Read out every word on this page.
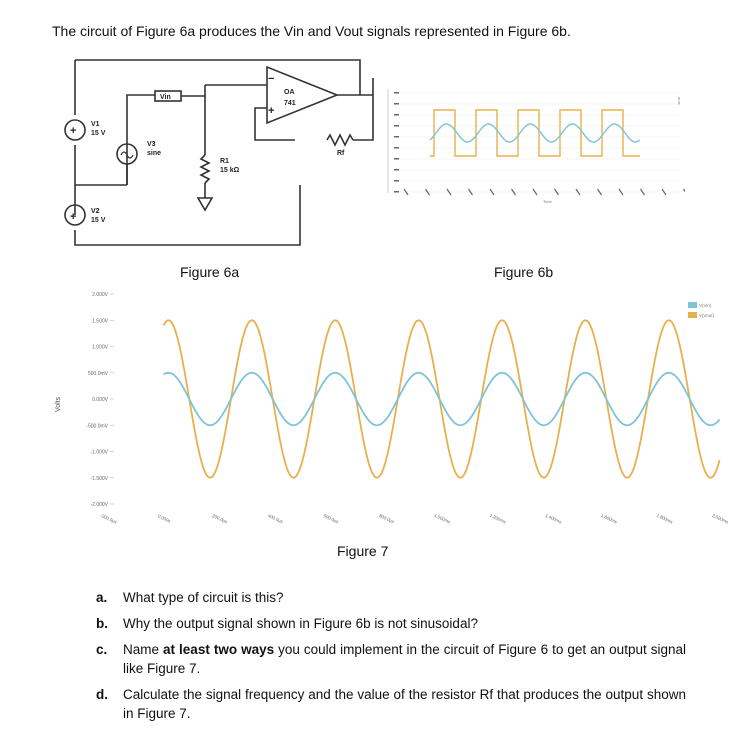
The circuit of Figure 6a produces the Vin and Vout signals represented in Figure 6b.
+
+
−
+
Vin
OA
741
V1
15 V
V2
15 V
V3
sine
R1
15 kΩ
Rf
Figure 6a
Time
¦
Figure 6b
2.000V
1.500V
1.000V
500.0mV
0.000V
-500.0mV
-1.000V
-1.500V
-2.000V
-200.0µs	0.000s	200.0µs	400.0µs	600.0µs	800.0µs	1.000ms	1.200ms	1.400ms	1.600ms	1.800ms	2.000ms
Volts
V(Vin)
V(Vout)
Figure 7
a.	What type of circuit is this?
b.	Why the output signal shown in Figure 6b is not sinusoidal?
c.	Name at least two ways you could implement in the circuit of Figure 6 to get an output signal like Figure 7.
d.	Calculate the signal frequency and the value of the resistor Rf that produces the output shown in Figure 7.
